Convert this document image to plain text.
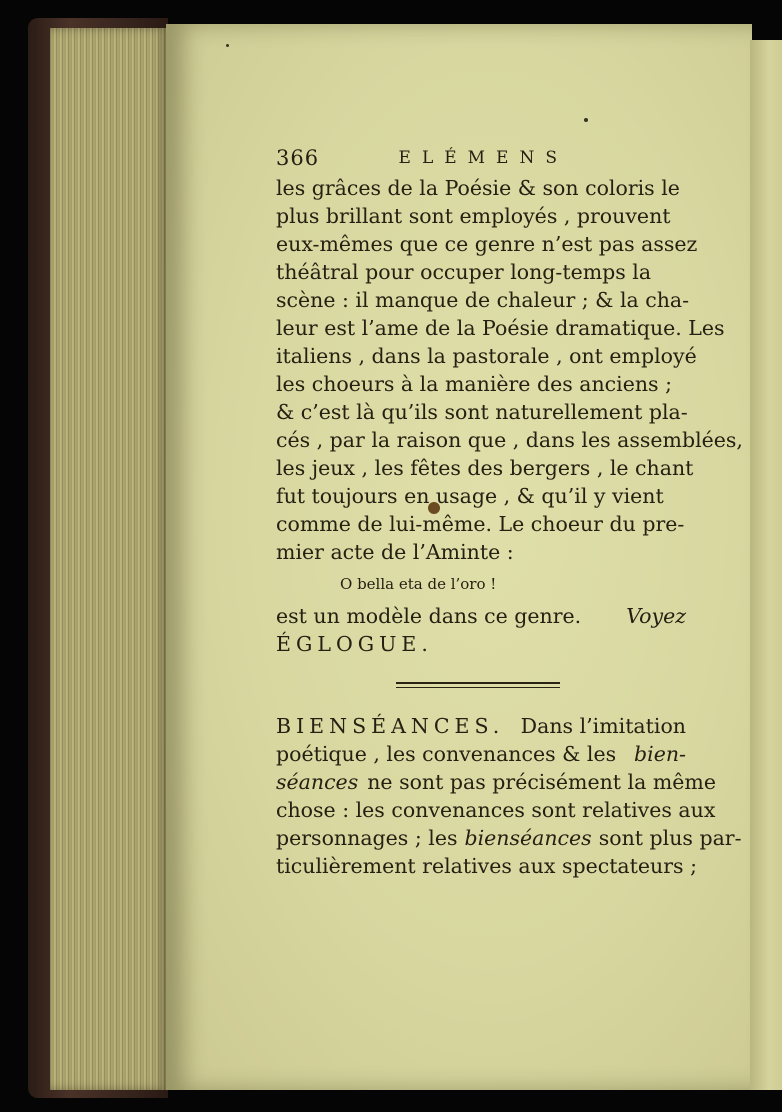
366	ELÉMENS
les grâces de la Poésie & son coloris le
plus brillant sont employés , prouvent
eux-mêmes que ce genre n’est pas assez
théâtral pour occuper long-temps la
scène : il manque de chaleur ; & la cha-
leur est l’ame de la Poésie dramatique. Les
italiens , dans la pastorale , ont employé
les choeurs à la manière des anciens ;
& c’est là qu’ils sont naturellement pla-
cés , par la raison que , dans les assemblées,
les jeux , les fêtes des bergers , le chant
fut toujours en usage , & qu’il y vient
comme de lui-même. Le choeur du pre-
mier acte de l’Aminte :
O bella eta de l’oro !
est un modèle dans ce genre. Voyez
ÉGLOGUE.
BIENSÉANCES. Dans l’imitation
poétique , les convenances & les bien-
séances ne sont pas précisément la même
chose : les convenances sont relatives aux
personnages ; les bienséances sont plus par-
ticulièrement relatives aux spectateurs ;
